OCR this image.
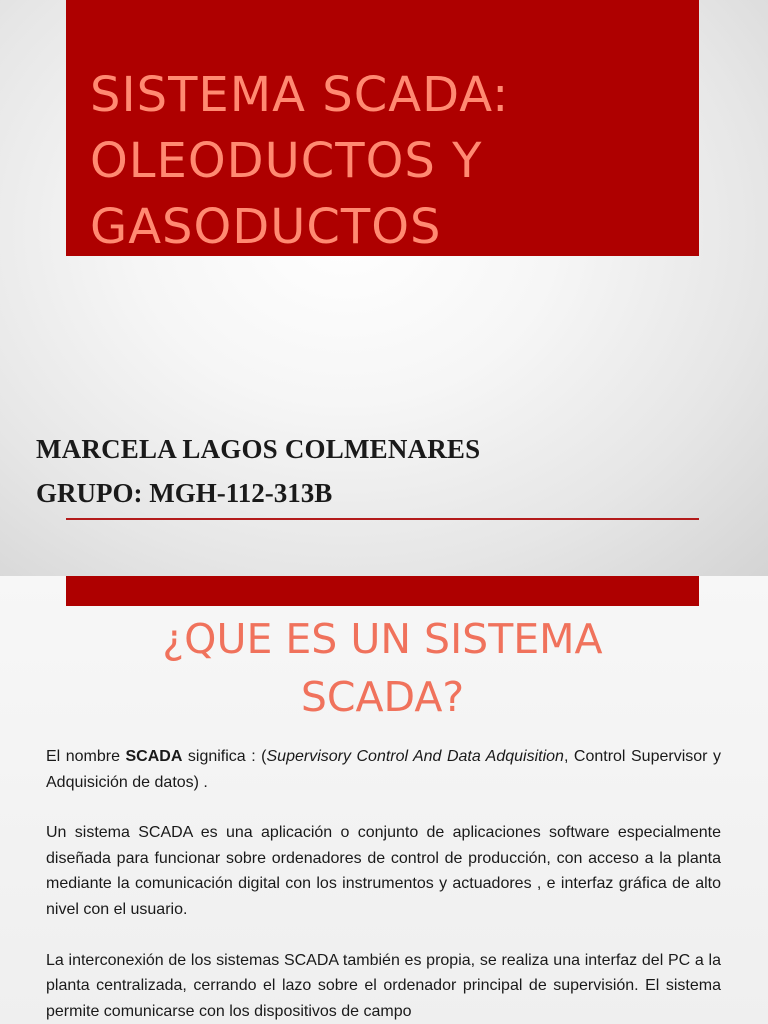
SISTEMA SCADA:
OLEODUCTOS Y
GASODUCTOS
MARCELA LAGOS COLMENARES
GRUPO: MGH-112-313B
¿QUE ES UN SISTEMA
SCADA?

El nombre SCADA significa : (Supervisory Control And Data Adquisition, Control Supervisor y Adquisición de datos) .

Un sistema SCADA es una aplicación o conjunto de aplicaciones software especialmente diseñada para funcionar sobre ordenadores de control de producción, con acceso a la planta mediante la comunicación digital con los instrumentos y actuadores , e interfaz gráfica de alto nivel con el usuario.

La interconexión de los sistemas SCADA también es propia, se realiza una interfaz del PC a la planta centralizada, cerrando el lazo sobre el ordenador principal de supervisión. El sistema permite comunicarse con los dispositivos de campo
